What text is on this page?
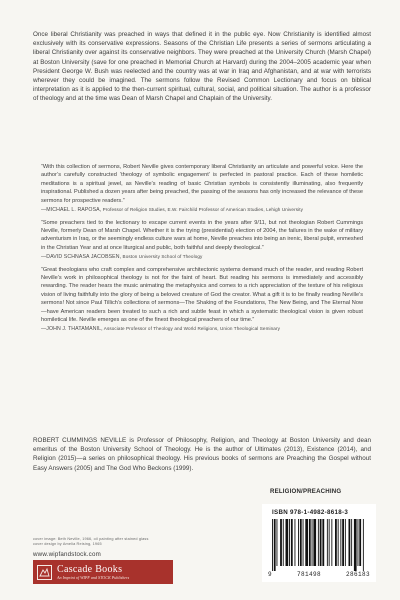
Once liberal Christianity was preached in ways that defined it in the public eye. Now Christianity is identified almost exclusively with its conservative expressions. Seasons of the Christian Life presents a series of sermons articulating a liberal Christianity over against its conservative neighbors. They were preached at the University Church (Marsh Chapel) at Boston University (save for one preached in Memorial Church at Harvard) during the 2004–2005 academic year when President George W. Bush was reelected and the country was at war in Iraq and Afghanistan, and at war with terrorists wherever they could be imagined. The sermons follow the Revised Common Lectionary and focus on biblical interpretation as it is applied to the then-current spiritual, cultural, social, and political situation. The author is a professor of theology and at the time was Dean of Marsh Chapel and Chaplain of the University.

“With this collection of sermons, Robert Neville gives contemporary liberal Christianity an articulate and powerful voice. Here the author’s carefully constructed ‘theology of symbolic engagement’ is perfected in pastoral practice. Each of these homiletic meditations is a spiritual jewel, as Neville’s reading of basic Christian symbols is consistently illuminating, also frequently inspirational. Published a dozen years after being preached, the passing of the seasons has only increased the relevance of these sermons for prospective readers.”
—MICHAEL L. RAPOSA, Professor of Religion Studies, E.W. Fairchild Professor of American Studies, Lehigh University
“Some preachers tied to the lectionary to escape current events in the years after 9/11, but not theologian Robert Cummings Neville, formerly Dean of Marsh Chapel. Whether it is the trying (presidential) election of 2004, the failures in the wake of military adventurism in Iraq, or the seemingly endless culture wars at home, Neville preaches into being an irenic, liberal pulpit, enmeshed in the Christian Year and at once liturgical and public, both faithful and deeply theological.”
—DAVID SCHNASA JACOBSEN, Boston University School of Theology
“Great theologians who craft complex and comprehensive architectonic systems demand much of the reader, and reading Robert Neville’s work in philosophical theology is not for the faint of heart. But reading his sermons is immediately and accessibly rewarding. The reader hears the music animating the metaphysics and comes to a rich appreciation of the texture of his religious vision of living faithfully into the glory of being a beloved creature of God the creator. What a gift it is to be finally reading Neville’s sermons! Not since Paul Tillich’s collections of sermons—The Shaking of the Foundations, The New Being, and The Eternal Now—have American readers been treated to such a rich and subtle feast in which a systematic theological vision is given robust homiletical life. Neville emerges as one of the finest theological preachers of our time.”
—JOHN J. THATAMANIL, Associate Professor of Theology and World Religions, Union Theological Seminary

ROBERT CUMMINGS NEVILLE is Professor of Philosophy, Religion, and Theology at Boston University and dean emeritus of the Boston University School of Theology. He is the author of Ultimates (2013), Existence (2014), and Religion (2015)—a series on philosophical theology. His previous books of sermons are Preaching the Gospel without Easy Answers (2005) and The God Who Beckons (1999).

RELIGION/PREACHING
cover image: Beth Neville, 1966, oil painting after stained glass
cover design by Amelia Reising, 1965
www.wipfandstock.com
Cascade Books
An Imprint of WIPF and STOCK Publishers
ISBN 978-1-4982-8618-3
9	781498	286183
